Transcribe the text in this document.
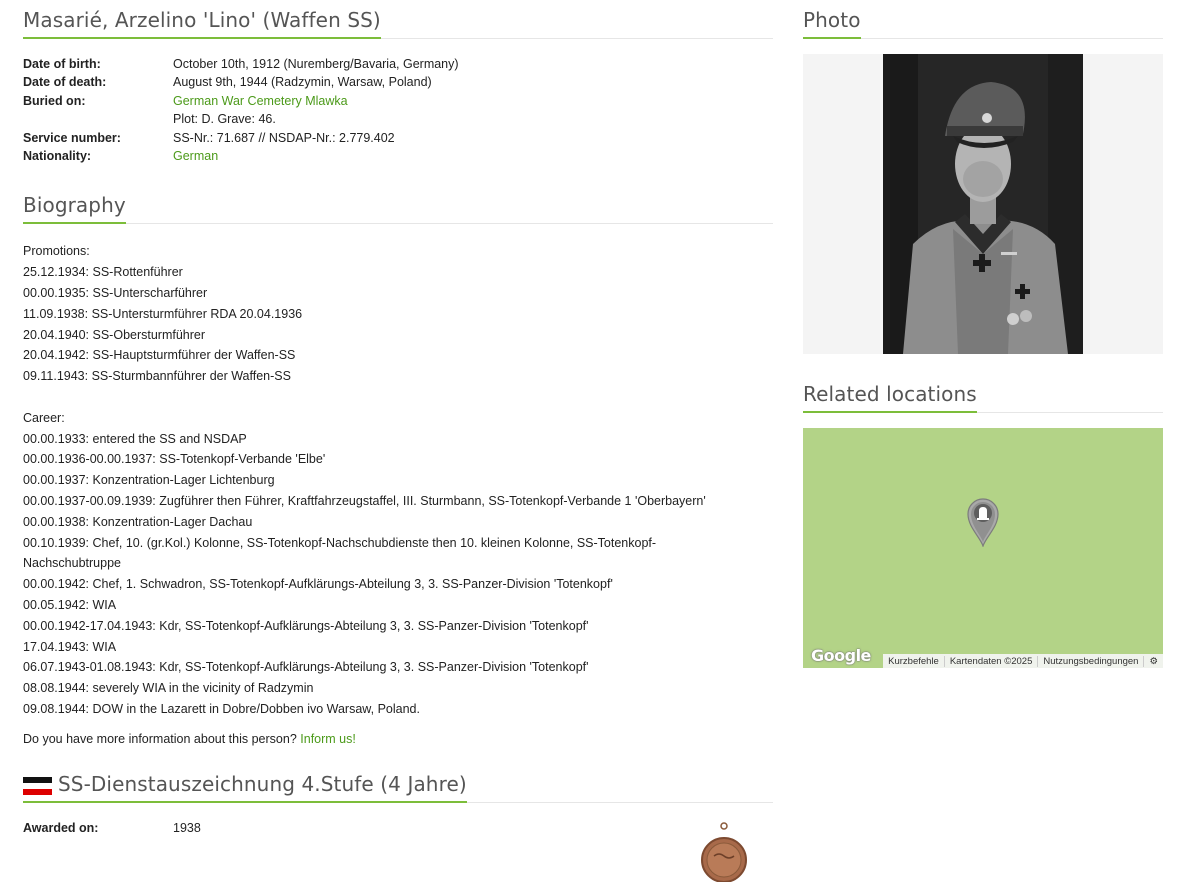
Masarié, Arzelino 'Lino' (Waffen SS)
Date of birth:	October 10th, 1912 (Nuremberg/Bavaria, Germany)
Date of death:	August 9th, 1944 (Radzymin, Warsaw, Poland)
Buried on:	German War Cemetery Mlawka
Plot: D. Grave: 46.
Service number:	SS-Nr.: 71.687 // NSDAP-Nr.: 2.779.402
Nationality:	German
Biography
Promotions:
25.12.1934: SS-Rottenführer
00.00.1935: SS-Unterscharführer
11.09.1938: SS-Untersturmführer RDA 20.04.1936
20.04.1940: SS-Obersturmführer
20.04.1942: SS-Hauptsturmführer der Waffen-SS
09.11.1943: SS-Sturmbannführer der Waffen-SS
Career:
00.00.1933: entered the SS and NSDAP
00.00.1936-00.00.1937: SS-Totenkopf-Verbande 'Elbe'
00.00.1937: Konzentration-Lager Lichtenburg
00.00.1937-00.09.1939: Zugführer then Führer, Kraftfahrzeugstaffel, III. Sturmbann, SS-Totenkopf-Verbande 1 'Oberbayern'
00.00.1938: Konzentration-Lager Dachau
00.10.1939: Chef, 10. (gr.Kol.) Kolonne, SS-Totenkopf-Nachschubdienste then 10. kleinen Kolonne, SS-Totenkopf-
Nachschubtruppe
00.00.1942: Chef, 1. Schwadron, SS-Totenkopf-Aufklärungs-Abteilung 3, 3. SS-Panzer-Division 'Totenkopf'
00.05.1942: WIA
00.00.1942-17.04.1943: Kdr, SS-Totenkopf-Aufklärungs-Abteilung 3, 3. SS-Panzer-Division 'Totenkopf'
17.04.1943: WIA
06.07.1943-01.08.1943: Kdr, SS-Totenkopf-Aufklärungs-Abteilung 3, 3. SS-Panzer-Division 'Totenkopf'
08.08.1944: severely WIA in the vicinity of Radzymin
09.08.1944: DOW in the Lazarett in Dobre/Dobben ivo Warsaw, Poland.
Do you have more information about this person? Inform us!
SS-Dienstauszeichnung 4.Stufe (4 Jahre)
Awarded on:	1938
Photo
Related locations
Google	Kurzbefehle	Kartendaten ©2025	Nutzungsbedingungen	⚙
